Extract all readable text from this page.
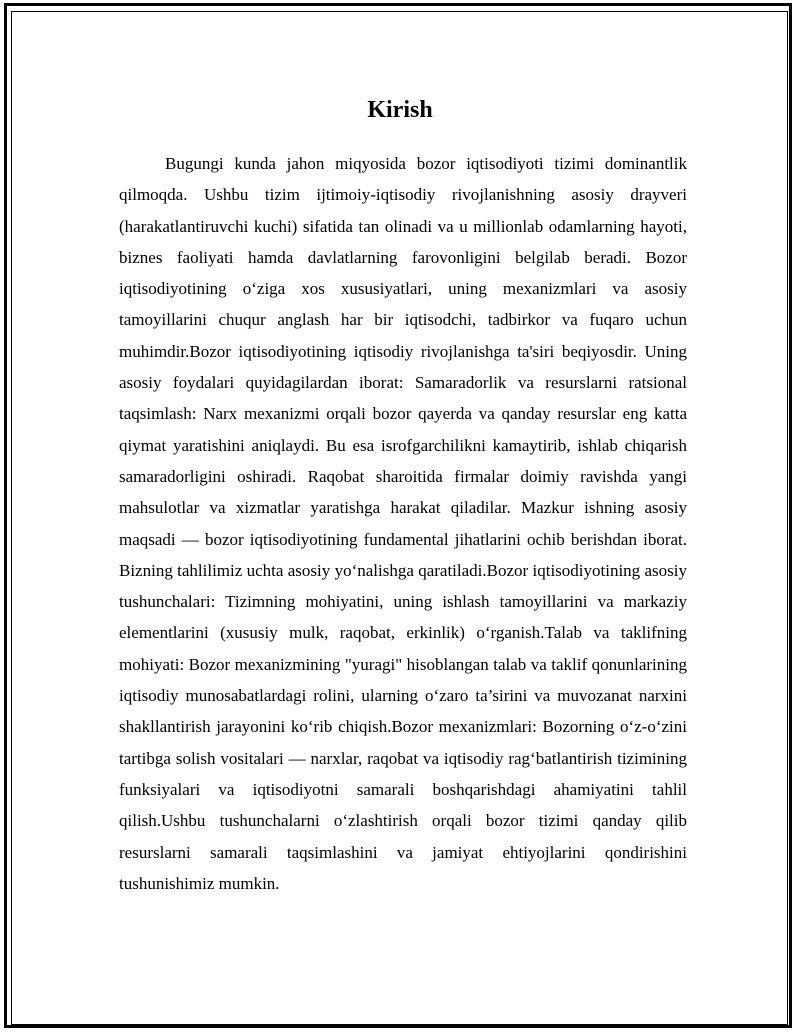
Kirish

Bugungi kunda jahon miqyosida bozor iqtisodiyoti tizimi dominantlik qilmoqda. Ushbu tizim ijtimoiy-iqtisodiy rivojlanishning asosiy drayveri (harakatlantiruvchi kuchi) sifatida tan olinadi va u millionlab odamlarning hayoti, biznes faoliyati hamda davlatlarning farovonligini belgilab beradi. Bozor iqtisodiyotining o‘ziga xos xususiyatlari, uning mexanizmlari va asosiy tamoyillarini chuqur anglash har bir iqtisodchi, tadbirkor va fuqaro uchun muhimdir.Bozor iqtisodiyotining iqtisodiy rivojlanishga ta'siri beqiyosdir. Uning asosiy foydalari quyidagilardan iborat: Samaradorlik va resurslarni ratsional taqsimlash: Narx mexanizmi orqali bozor qayerda va qanday resurslar eng katta qiymat yaratishini aniqlaydi. Bu esa isrofgarchilikni kamaytirib, ishlab chiqarish samaradorligini oshiradi. Raqobat sharoitida firmalar doimiy ravishda yangi mahsulotlar va xizmatlar yaratishga harakat qiladilar. Mazkur ishning asosiy maqsadi — bozor iqtisodiyotining fundamental jihatlarini ochib berishdan iborat. Bizning tahlilimiz uchta asosiy yo‘nalishga qaratiladi.Bozor iqtisodiyotining asosiy tushunchalari: Tizimning mohiyatini, uning ishlash tamoyillarini va markaziy elementlarini (xususiy mulk, raqobat, erkinlik) o‘rganish.Talab va taklifning mohiyati: Bozor mexanizmining "yuragi" hisoblangan talab va taklif qonunlarining iqtisodiy munosabatlardagi rolini, ularning o‘zaro ta’sirini va muvozanat narxini shakllantirish jarayonini ko‘rib chiqish.Bozor mexanizmlari: Bozorning o‘z-o‘zini tartibga solish vositalari — narxlar, raqobat va iqtisodiy rag‘batlantirish tizimining funksiyalari va iqtisodiyotni samarali boshqarishdagi ahamiyatini tahlil qilish.Ushbu tushunchalarni o‘zlashtirish orqali bozor tizimi qanday qilib resurslarni samarali taqsimlashini va jamiyat ehtiyojlarini qondirishini tushunishimiz mumkin.
